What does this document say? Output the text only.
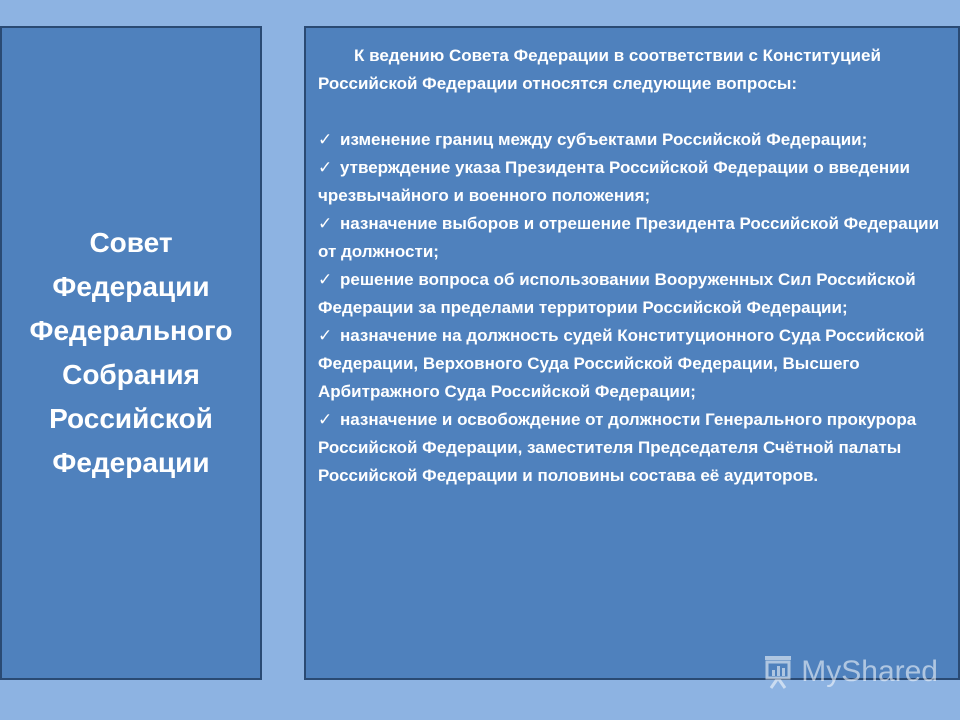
Совет
Федерации
Федерального
Собрания
Российской
Федерации

К ведению Совета Федерации в соответствии с Конституцией Российской Федерации относятся следующие вопросы:

✓ изменение границ между субъектами Российской Федерации;
✓ утверждение указа Президента Российской Федерации о введении чрезвычайного и военного положения;
✓ назначение выборов и отрешение Президента Российской Федерации от должности;
✓ решение вопроса об использовании Вооруженных Сил Российской Федерации за пределами территории Российской Федерации;
✓ назначение на должность судей Конституционного Суда Российской Федерации, Верховного Суда Российской Федерации, Высшего Арбитражного Суда Российской Федерации;
✓ назначение и освобождение от должности Генерального прокурора Российской Федерации, заместителя Председателя Счётной палаты Российской Федерации и половины состава её аудиторов.
MyShared
